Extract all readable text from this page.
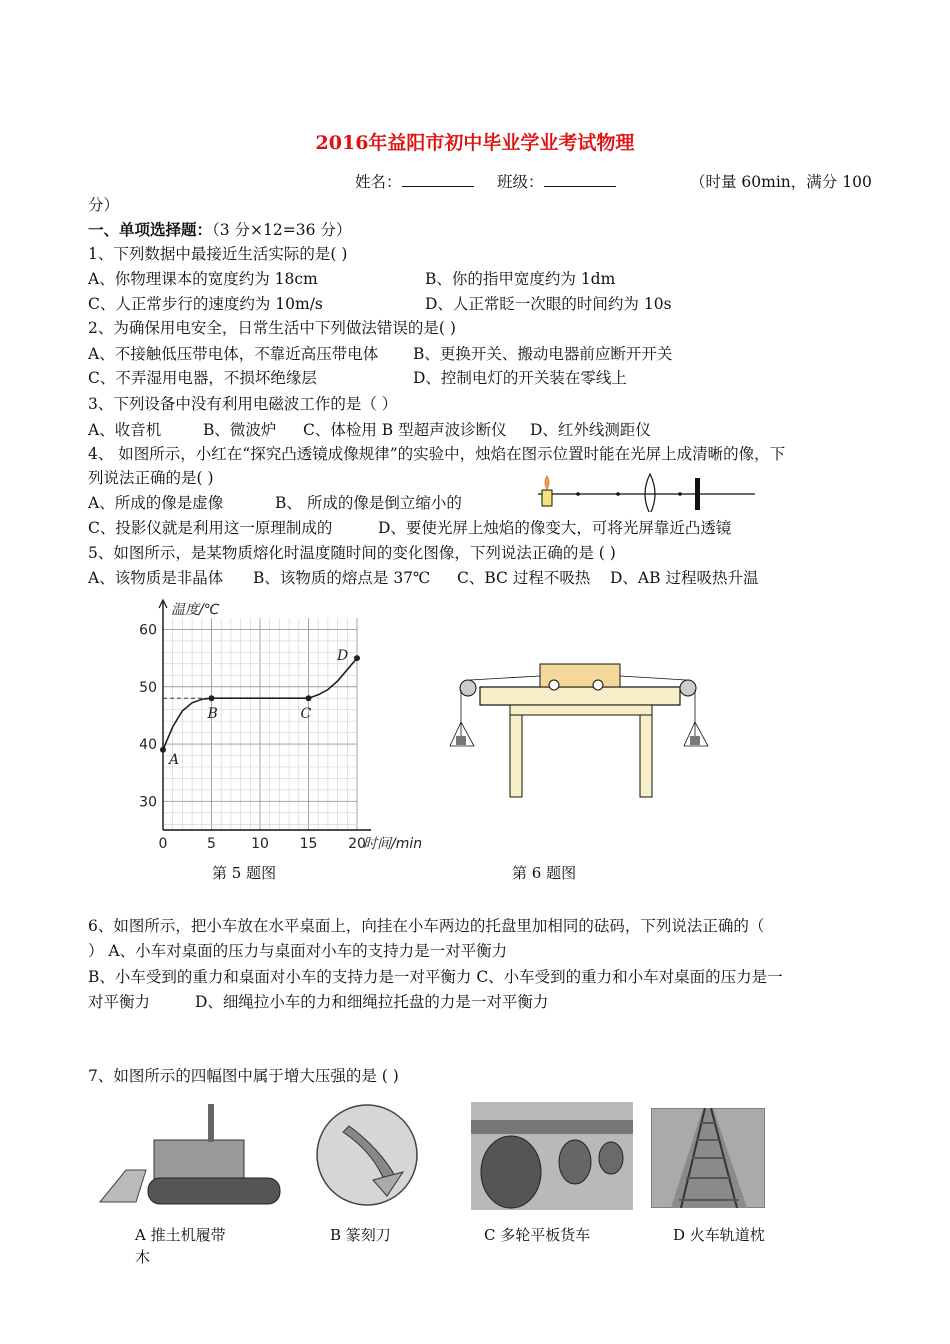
2016年益阳市初中毕业学业考试物理
姓名：	班级：	（时量 60min，满分 100
分）
一、单项选择题：（3 分×12=36 分）
1、下列数据中最接近生活实际的是( )
A、你物理课本的宽度约为 18cm	B、你的指甲宽度约为 1dm
C、人正常步行的速度约为 10m/s	D、人正常眨一次眼的时间约为 10s
2、为确保用电安全，日常生活中下列做法错误的是( )
A、不接触低压带电体，不靠近高压带电体 B、更换开关、搬动电器前应断开开关
C、不弄湿用电器，不损坏绝缘层	D、控制电灯的开关装在零线上
3、下列设备中没有利用电磁波工作的是（ ）
A、收音机	B、微波炉 C、体检用 B 型超声波诊断仪 D、红外线测距仪
4、 如图所示，小红在“探究凸透镜成像规律”的实验中，烛焰在图示位置时能在光屏上成清晰的像，下
列说法正确的是( )
A、所成的像是虚像	B、 所成的像是倒立缩小的
C、投影仪就是利用这一原理制成的	D、要使光屏上烛焰的像变大，可将光屏靠近凸透镜
5、如图所示，是某物质熔化时温度随时间的变化图像，下列说法正确的是 ( )
A、该物质是非晶体 B、该物质的熔点是 37℃ C、BC 过程不吸热 D、AB 过程吸热升温
0	5	10 15 20
30
40
50
60
A
B	C
D
温度/℃
时间/min
第 5 题图	第 6 题图
6、如图所示，把小车放在水平桌面上，向挂在小车两边的托盘里加相同的砝码，下列说法正确的（
） A、小车对桌面的压力与桌面对小车的支持力是一对平衡力
B、小车受到的重力和桌面对小车的支持力是一对平衡力 C、小车受到的重力和小车对桌面的压力是一
对平衡力	D、细绳拉小车的力和细绳拉托盘的力是一对平衡力
7、如图所示的四幅图中属于增大压强的是 ( )
A 推土机履带
木
B 篆刻刀	C 多轮平板货车	D 火车轨道枕
